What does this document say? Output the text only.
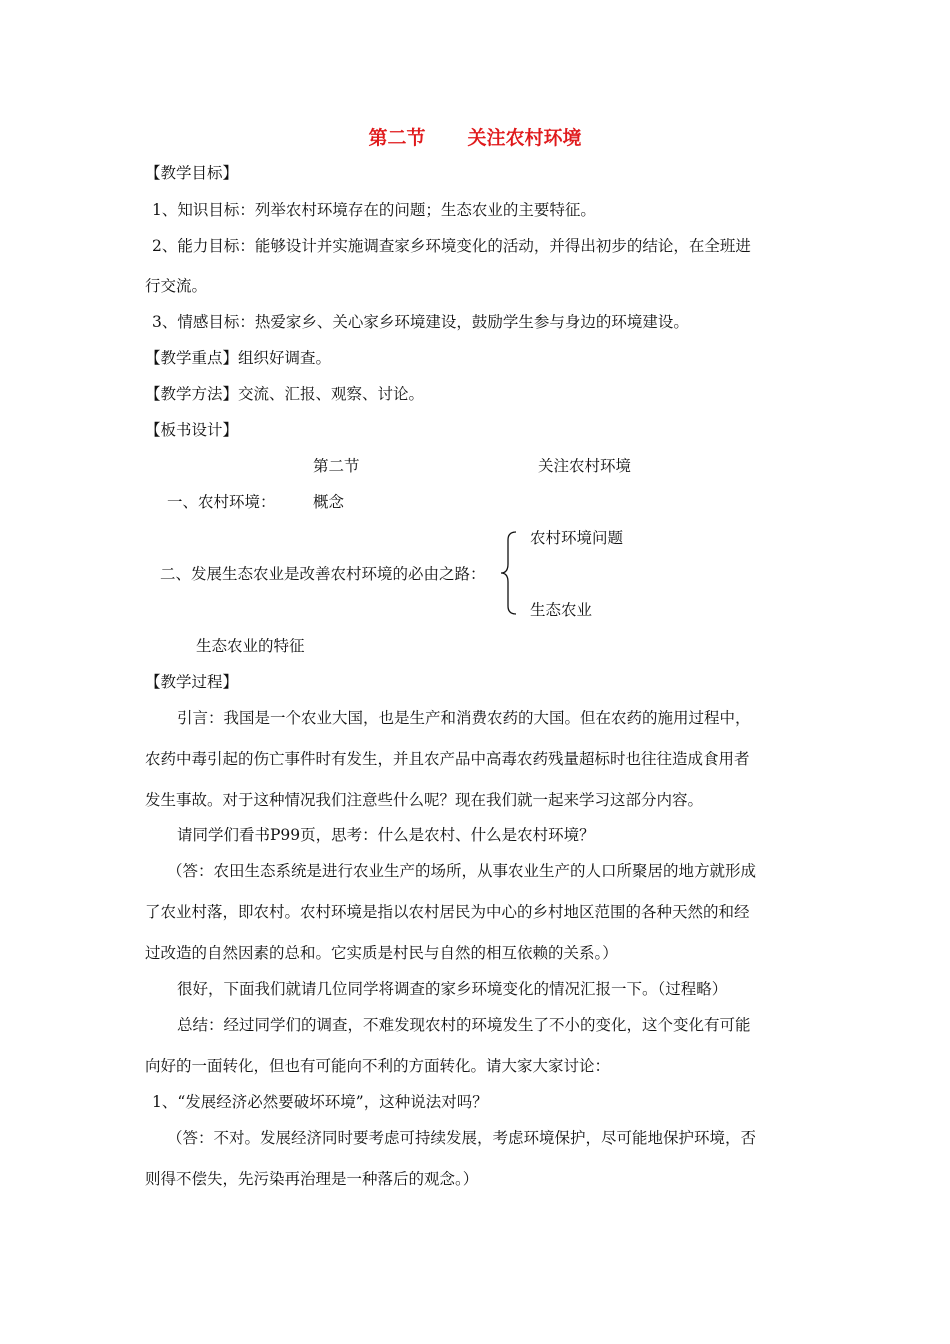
第二节 关注农村环境
【教学目标】
1、知识目标：列举农村环境存在的问题；生态农业的主要特征。
2、能力目标：能够设计并实施调查家乡环境变化的活动，并得出初步的结论，在全班进
行交流。
3、情感目标：热爱家乡、关心家乡环境建设，鼓励学生参与身边的环境建设。
【教学重点】组织好调查。
【教学方法】交流、汇报、观察、讨论。
【板书设计】
第二节	关注农村环境
一、农村环境： 概念
农村环境问题
二、发展生态农业是改善农村环境的必由之路：
生态农业
生态农业的特征
【教学过程】
引言：我国是一个农业大国，也是生产和消费农药的大国。但在农药的施用过程中，
农药中毒引起的伤亡事件时有发生，并且农产品中高毒农药残量超标时也往往造成食用者
发生事故。对于这种情况我们注意些什么呢？现在我们就一起来学习这部分内容。
请同学们看书P99页，思考：什么是农村、什么是农村环境？
（答：农田生态系统是进行农业生产的场所，从事农业生产的人口所聚居的地方就形成
了农业村落，即农村。农村环境是指以农村居民为中心的乡村地区范围的各种天然的和经
过改造的自然因素的总和。它实质是村民与自然的相互依赖的关系。）
很好，下面我们就请几位同学将调查的家乡环境变化的情况汇报一下。（过程略）
总结：经过同学们的调查，不难发现农村的环境发生了不小的变化，这个变化有可能
向好的一面转化，但也有可能向不利的方面转化。请大家大家讨论：
1、“发展经济必然要破坏环境”，这种说法对吗？
（答：不对。发展经济同时要考虑可持续发展，考虑环境保护，尽可能地保护环境，否
则得不偿失，先污染再治理是一种落后的观念。）
